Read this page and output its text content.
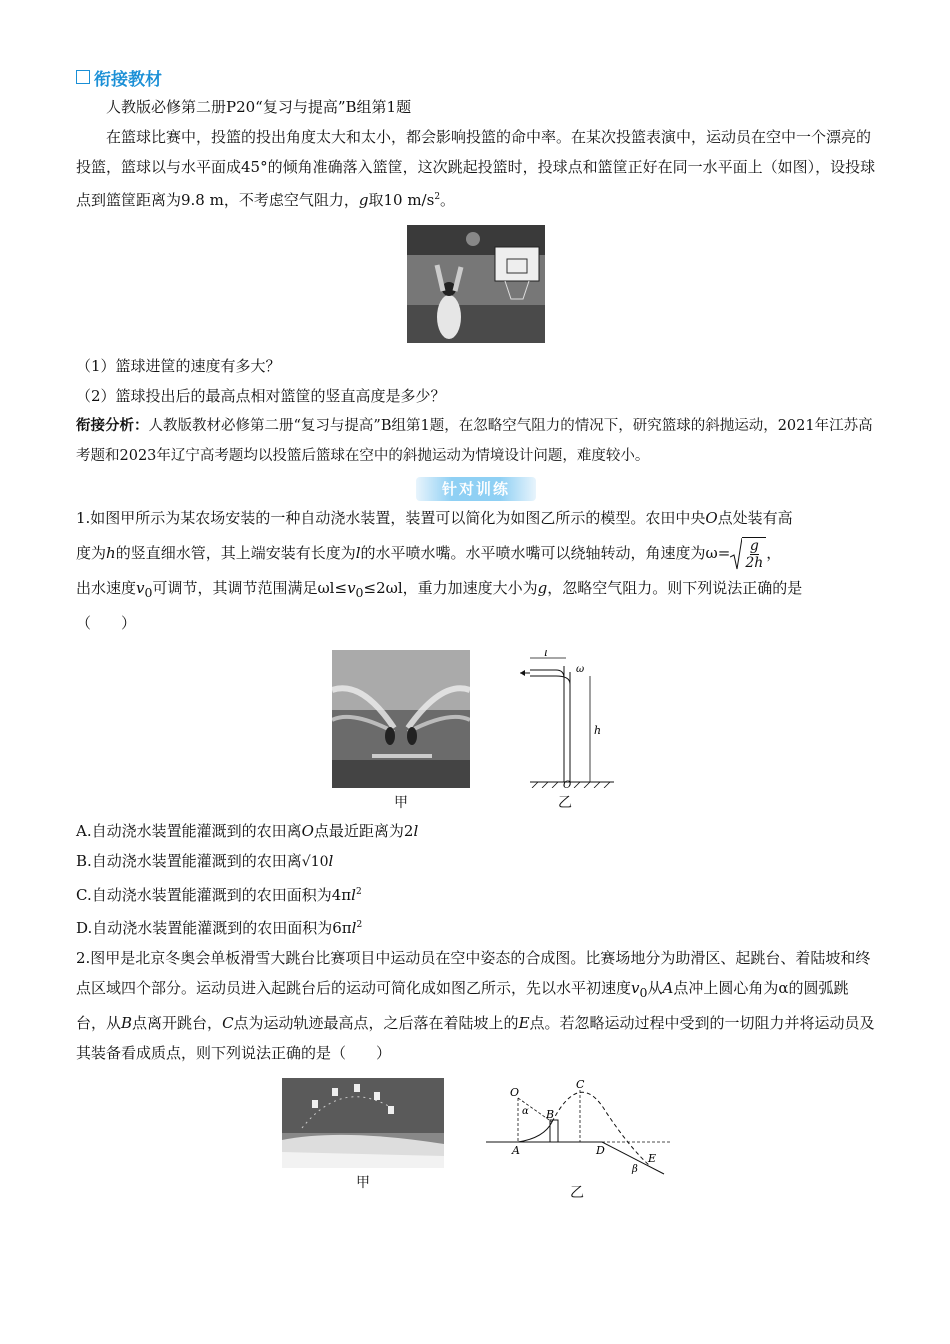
衔接教材

人教版必修第二册P20“复习与提高”B组第1题

在篮球比赛中，投篮的投出角度太大和太小，都会影响投篮的命中率。在某次投篮表演中，运动员在空中一个漂亮的投篮，篮球以与水平面成45°的倾角准确落入篮筐，这次跳起投篮时，投球点和篮筐正好在同一水平面上（如图），设投球点到篮筐距离为9.8 m，不考虑空气阻力，g取10 $m/s^2$。

（1）篮球进筐的速度有多大？

（2）篮球投出后的最高点相对篮筐的竖直高度是多少？

衔接分析：人教版教材必修第二册“复习与提高”B组第1题，在忽略空气阻力的情况下，研究篮球的斜抛运动，2021年江苏高考题和2023年辽宁高考题均以投篮后篮球在空中的斜抛运动为情境设计问题，难度较小。

针对训练

1.如图甲所示为某农场安装的一种自动浇水装置，装置可以简化为如图乙所示的模型。农田中央O点处装有高

度为h的竖直细水管，其上端安装有长度为l的水平喷水嘴。水平喷水嘴可以绕轴转动，角速度为ω= g
2h
，

出水速度$v_0$可调节，其调节范围满足$\omega l\le v_0\le 2\omega l$，重力加速度大小为g，忽略空气阻力。则下列说法正确的是

（　　）

甲
l
ω
h
O
乙

A.自动浇水装置能灌溉到的农田离O点最近距离为2l

B.自动浇水装置能灌溉到的农田离√10l

C.自动浇水装置能灌溉到的农田面积为$4\pi l^2$

D.自动浇水装置能灌溉到的农田面积为$6\pi l^2$

2.图甲是北京冬奥会单板滑雪大跳台比赛项目中运动员在空中姿态的合成图。比赛场地分为助滑区、起跳台、着陆坡和终点区域四个部分。运动员进入起跳台后的运动可简化成如图乙所示，先以水平初速度$v_0$从A点冲上圆心角为α的圆弧跳台，从B点离开跳台，C点为运动轨迹最高点，之后落在着陆坡上的E点。若忽略运动过程中受到的一切阻力并将运动员及其装备看成质点，则下列说法正确的是（　　）

甲
O
α B
C
A	D
E
β
乙
